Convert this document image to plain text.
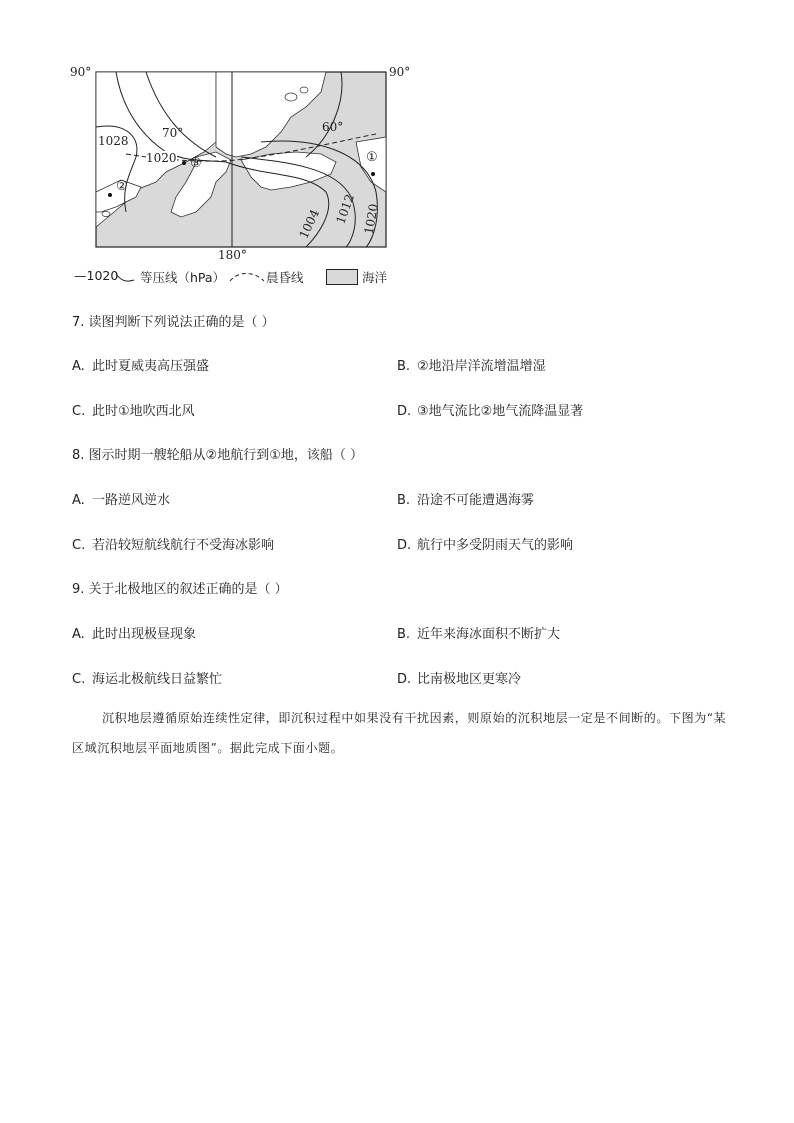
90°	90°
180°
70°	60°
1028
1020
1004 1012 1020
③
②
①
—1020 等压线（hPa）	晨昏线	海洋
7. 读图判断下列说法正确的是（ ）
A. 此时夏威夷高压强盛	B. ②地沿岸洋流增温增湿
C. 此时①地吹西北风	D. ③地气流比②地气流降温显著
8. 图示时期一艘轮船从②地航行到①地，该船（ ）
A. 一路逆风逆水	B. 沿途不可能遭遇海雾
C. 若沿较短航线航行不受海冰影响	D. 航行中多受阴雨天气的影响
9. 关于北极地区的叙述正确的是（ ）
A. 此时出现极昼现象	B. 近年来海冰面积不断扩大
C. 海运北极航线日益繁忙	D. 比南极地区更寒冷
沉积地层遵循原始连续性定律，即沉积过程中如果没有干扰因素，则原始的沉积地层一定是不间断的。下图为“某区域沉积地层平面地质图”。据此完成下面小题。
